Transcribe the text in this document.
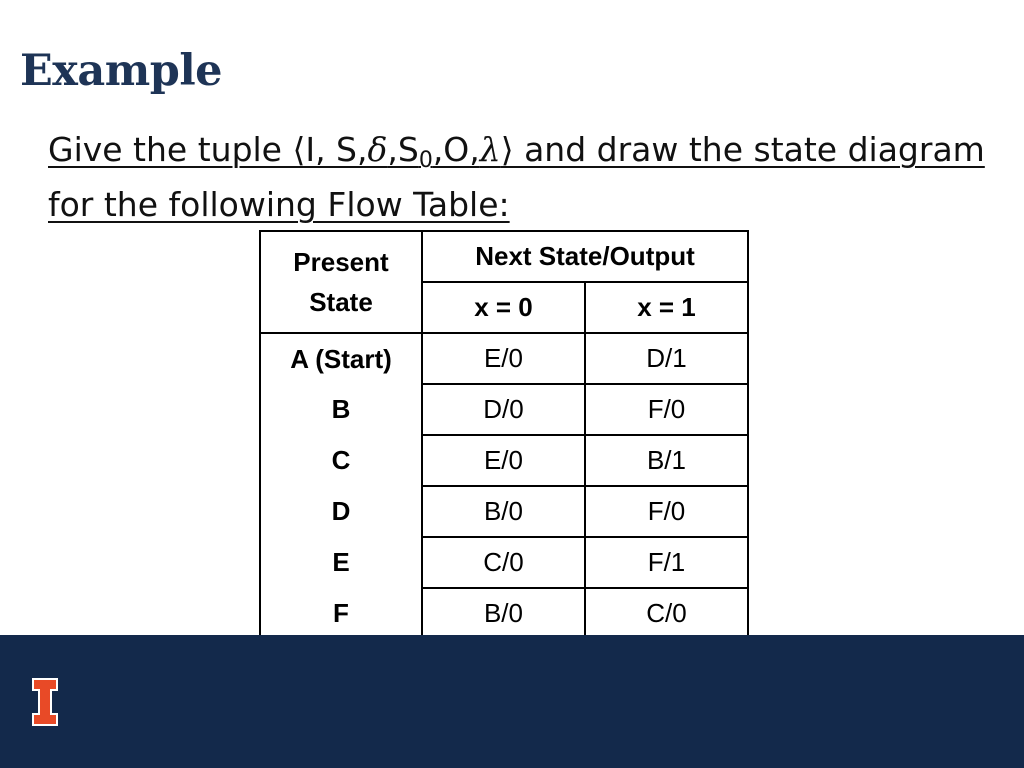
Example
Give the tuple ⟨I, $S,\delta,S_0,O,\lambda⟩$ and draw the state diagram for the following Flow Table:
Present
State	Next State/Output	
	x = 0	x = 1
A (Start)	E/0	D/1
B	D/0	F/0
C	E/0	B/1
D	B/0	F/0
E	C/0	F/1
F	B/0	C/0
